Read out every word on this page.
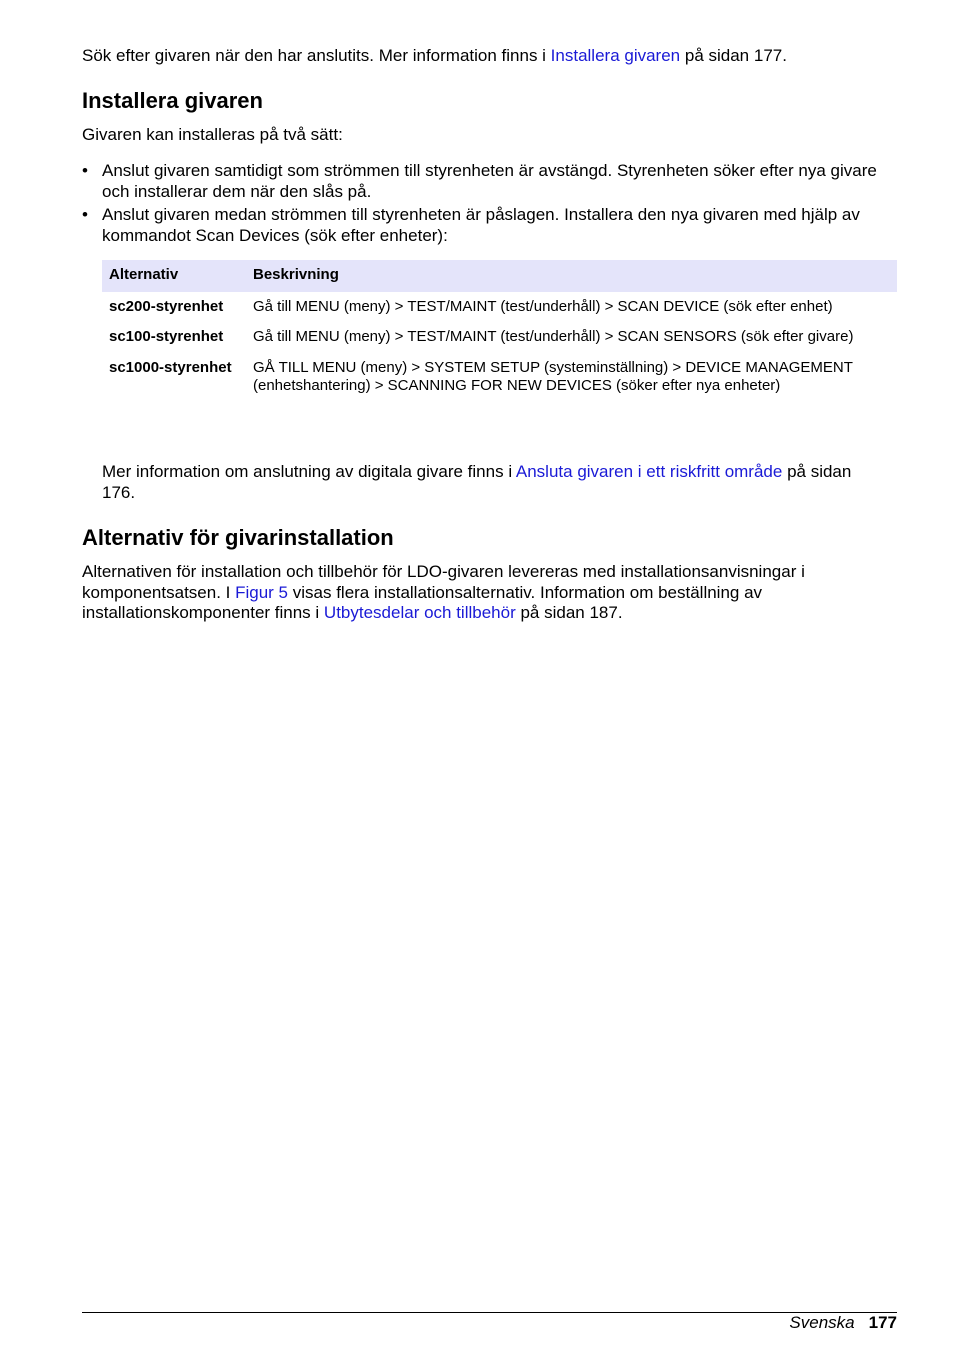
Sök efter givaren när den har anslutits. Mer information finns i Installera givaren på sidan 177.

Installera givaren

Givaren kan installeras på två sätt:

• Anslut givaren samtidigt som strömmen till styrenheten är avstängd. Styrenheten söker efter nya givare och installerar dem när den slås på.
• Anslut givaren medan strömmen till styrenheten är påslagen. Installera den nya givaren med hjälp av kommandot Scan Devices (sök efter enheter):
Alternativ	Beskrivning
sc200-styrenhet	Gå till MENU (meny) > TEST/MAINT (test/underhåll) > SCAN DEVICE (sök efter enhet)
sc100-styrenhet	Gå till MENU (meny) > TEST/MAINT (test/underhåll) > SCAN SENSORS (sök efter givare)
sc1000-styrenhet	GÅ TILL MENU (meny) > SYSTEM SETUP (systeminställning) > DEVICE MANAGEMENT (enhetshantering) > SCANNING FOR NEW DEVICES (söker efter nya enheter)

Mer information om anslutning av digitala givare finns i Ansluta givaren i ett riskfritt område på sidan 176.

Alternativ för givarinstallation

Alternativen för installation och tillbehör för LDO-givaren levereras med installationsanvisningar i komponentsatsen. I Figur 5 visas flera installationsalternativ. Information om beställning av installationskomponenter finns i Utbytesdelar och tillbehör på sidan 187.

Svenska 177
